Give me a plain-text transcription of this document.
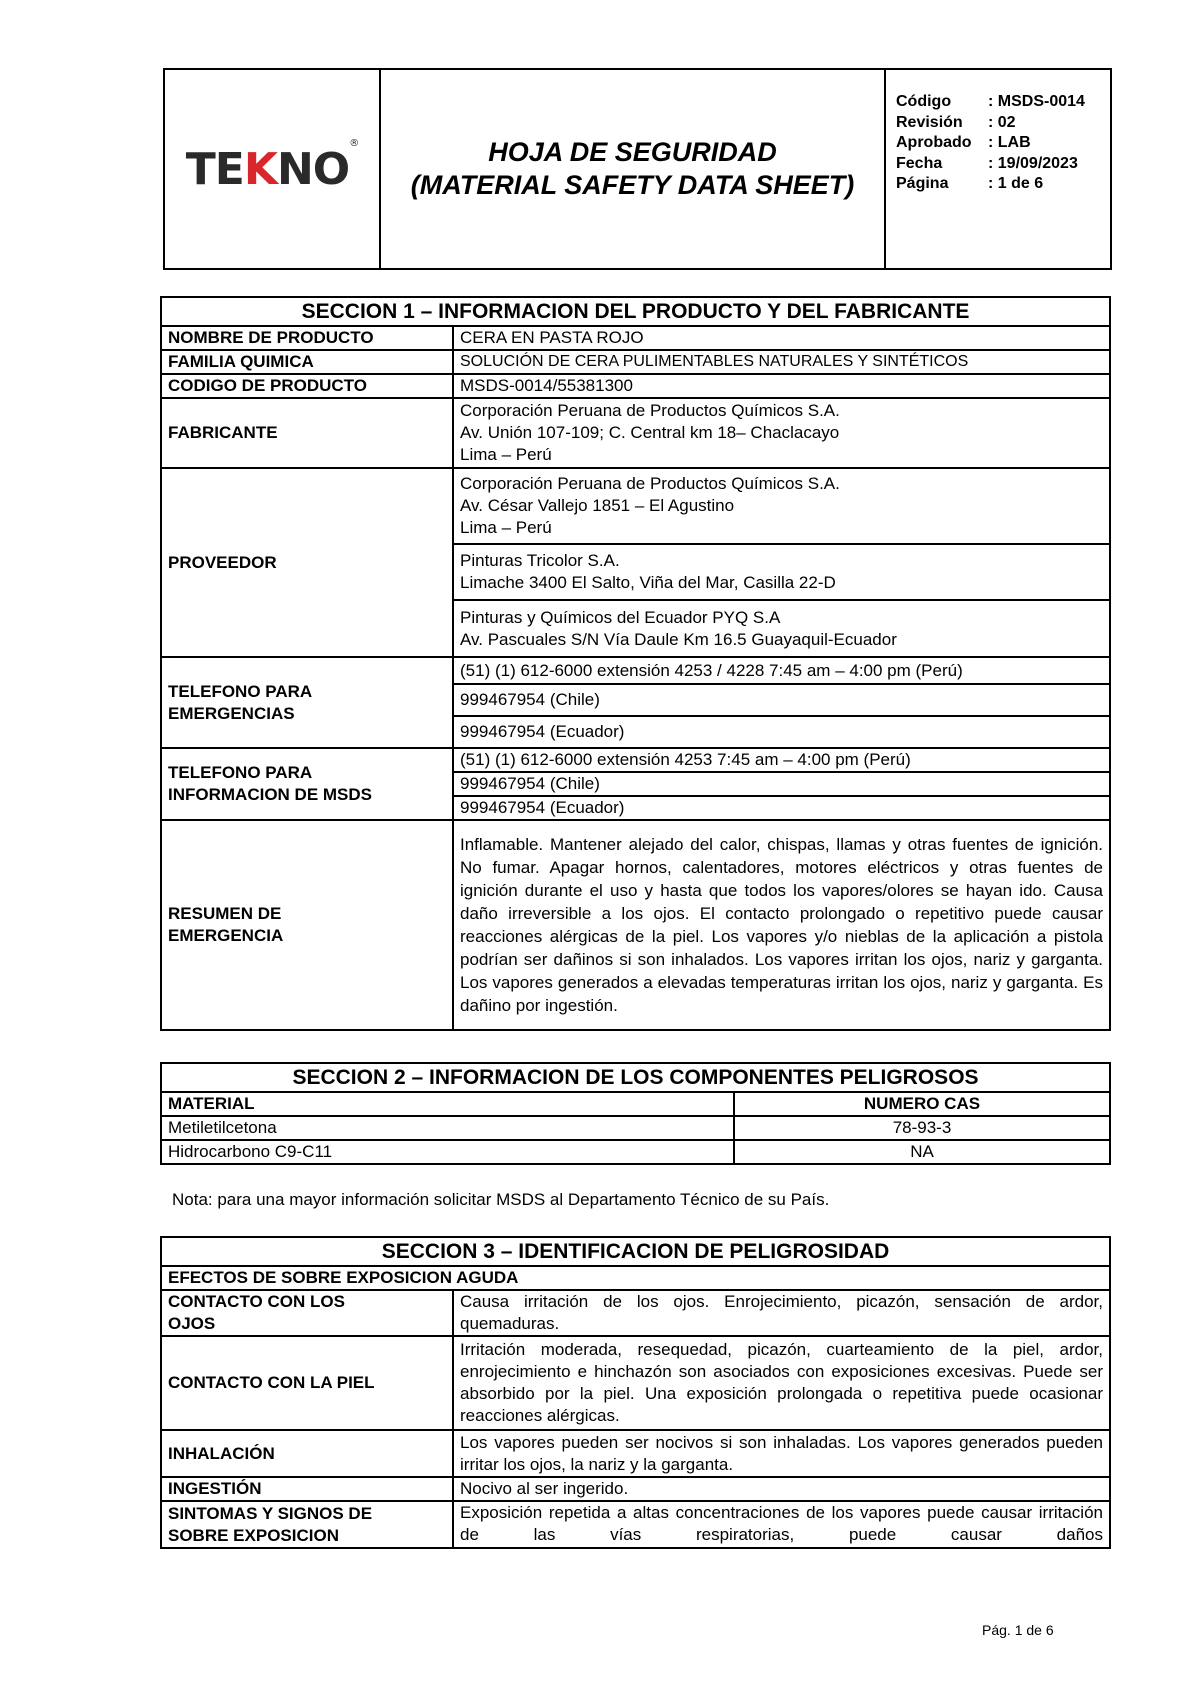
TEKNO®	HOJA DE SEGURIDAD
(MATERIAL SAFETY DATA SHEET)
Código	: MSDS-0014
Revisión	: 02
Aprobado	: LAB
Fecha	: 19/09/2023
Página	: 1 de 6
SECCION 1 – INFORMACION DEL PRODUCTO Y DEL FABRICANTE	
NOMBRE DE PRODUCTO	CERA EN PASTA ROJO
FAMILIA QUIMICA	SOLUCIÓN DE CERA PULIMENTABLES NATURALES Y SINTÉTICOS
CODIGO DE PRODUCTO	MSDS-0014/55381300
FABRICANTE	Corporación Peruana de Productos Químicos S.A.
Av. Unión 107-109; C. Central km 18– Chaclacayo
Lima – Perú

PROVEEDOR	Corporación Peruana de Productos Químicos S.A.
Av. César Vallejo 1851 – El Agustino
Lima – Perú

	Pinturas Tricolor S.A.
Limache 3400 El Salto, Viña del Mar, Casilla 22-D

	Pinturas y Químicos del Ecuador PYQ S.A
Av. Pascuales S/N Vía Daule Km 16.5 Guayaquil-Ecuador

TELEFONO PARA
EMERGENCIAS	(51) (1) 612-6000 extensión 4253 / 4228 7:45 am – 4:00 pm (Perú)
	999467954 (Chile)
	999467954 (Ecuador)

TELEFONO PARA
INFORMACION DE MSDS	(51) (1) 612-6000 extensión 4253 7:45 am – 4:00 pm (Perú)
	999467954 (Chile)
	999467954 (Ecuador)

RESUMEN DE
EMERGENCIA	Inflamable. Mantener alejado del calor, chispas, llamas y otras fuentes de ignición. No fumar. Apagar hornos, calentadores, motores eléctricos y otras fuentes de ignición durante el uso y hasta que todos los vapores/olores se hayan ido. Causa daño irreversible a los ojos. El contacto prolongado o repetitivo puede causar reacciones alérgicas de la piel. Los vapores y/o nieblas de la aplicación a pistola podrían ser dañinos si son inhalados. Los vapores irritan los ojos, nariz y garganta. Los vapores generados a elevadas temperaturas irritan los ojos, nariz y garganta. Es dañino por ingestión.
SECCION 2 – INFORMACION DE LOS COMPONENTES PELIGROSOS	
MATERIAL	NUMERO CAS
Metiletilcetona	78-93-3
Hidrocarbono C9-C11	NA
Nota: para una mayor información solicitar MSDS al Departamento Técnico de su País.
SECCION 3 – IDENTIFICACION DE PELIGROSIDAD	
EFECTOS DE SOBRE EXPOSICION AGUDA	

CONTACTO CON LOS
OJOS	Causa irritación de los ojos. Enrojecimiento, picazón, sensación de ardor, quemaduras.
CONTACTO CON LA PIEL	Irritación moderada, resequedad, picazón, cuarteamiento de la piel, ardor, enrojecimiento e hinchazón son asociados con exposiciones excesivas. Puede ser absorbido por la piel. Una exposición prolongada o repetitiva puede ocasionar reacciones alérgicas.
INHALACIÓN	Los vapores pueden ser nocivos si son inhaladas. Los vapores generados pueden irritar los ojos, la nariz y la garganta.
INGESTIÓN	Nocivo al ser ingerido.

SINTOMAS Y SIGNOS DE
SOBRE EXPOSICION	Exposición repetida a altas concentraciones de los vapores puede causar irritación de las vías respiratorias, puede causar daños
Pág. 1 de 6
